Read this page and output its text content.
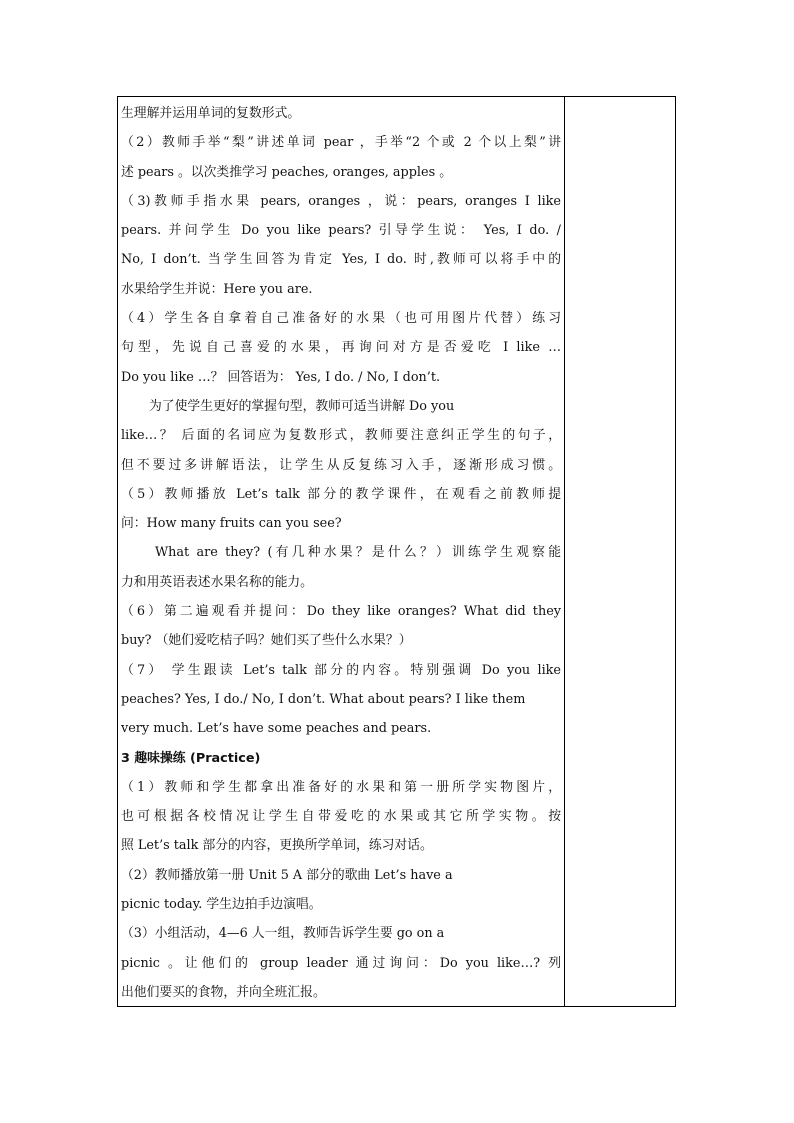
生理解并运用单词的复数形式。
（2）教师手举“梨”讲述单词 pear ，手举“2 个或 2 个以上梨”讲
述 pears 。以次类推学习 peaches, oranges, apples 。
（3)教师手指水果 pears, oranges ，说：pears, oranges I like
pears. 并问学生 Do you like pears? 引导学生说： Yes, I do. /
No, I don’t. 当学生回答为肯定 Yes, I do. 时,教师可以将手中的
水果给学生并说：Here you are.
（4）学生各自拿着自己准备好的水果（也可用图片代替）练习
句型，先说自己喜爱的水果，再询问对方是否爱吃 I like …
Do you like …？ 回答语为： Yes, I do. / No, I don’t.
为了使学生更好的掌握句型，教师可适当讲解 Do you
like…？ 后面的名词应为复数形式，教师要注意纠正学生的句子，
但不要过多讲解语法，让学生从反复练习入手，逐渐形成习惯。
（5）教师播放 Let’s talk 部分的教学课件，在观看之前教师提
问：How many fruits can you see?
What are they? (有几种水果？是什么？）训练学生观察能
力和用英语表述水果名称的能力。
（6）第二遍观看并提问：Do they like oranges? What did they
buy? （她们爱吃桔子吗？她们买了些什么水果？）
（7） 学生跟读 Let’s talk 部分的内容。特别强调 Do you like
peaches? Yes, I do./ No, I don’t. What about pears? I like them
very much. Let’s have some peaches and pears.
3 趣味操练 (Practice)
（1）教师和学生都拿出准备好的水果和第一册所学实物图片，
也可根据各校情况让学生自带爱吃的水果或其它所学实物。按
照 Let’s talk 部分的内容，更换所学单词，练习对话。
（2）教师播放第一册 Unit 5 A 部分的歌曲 Let’s have a
picnic today. 学生边拍手边演唱。
（3）小组活动，4—6 人一组，教师告诉学生要 go on a
picnic 。让他们的 group leader 通过询问：Do you like…? 列
出他们要买的食物，并向全班汇报。
